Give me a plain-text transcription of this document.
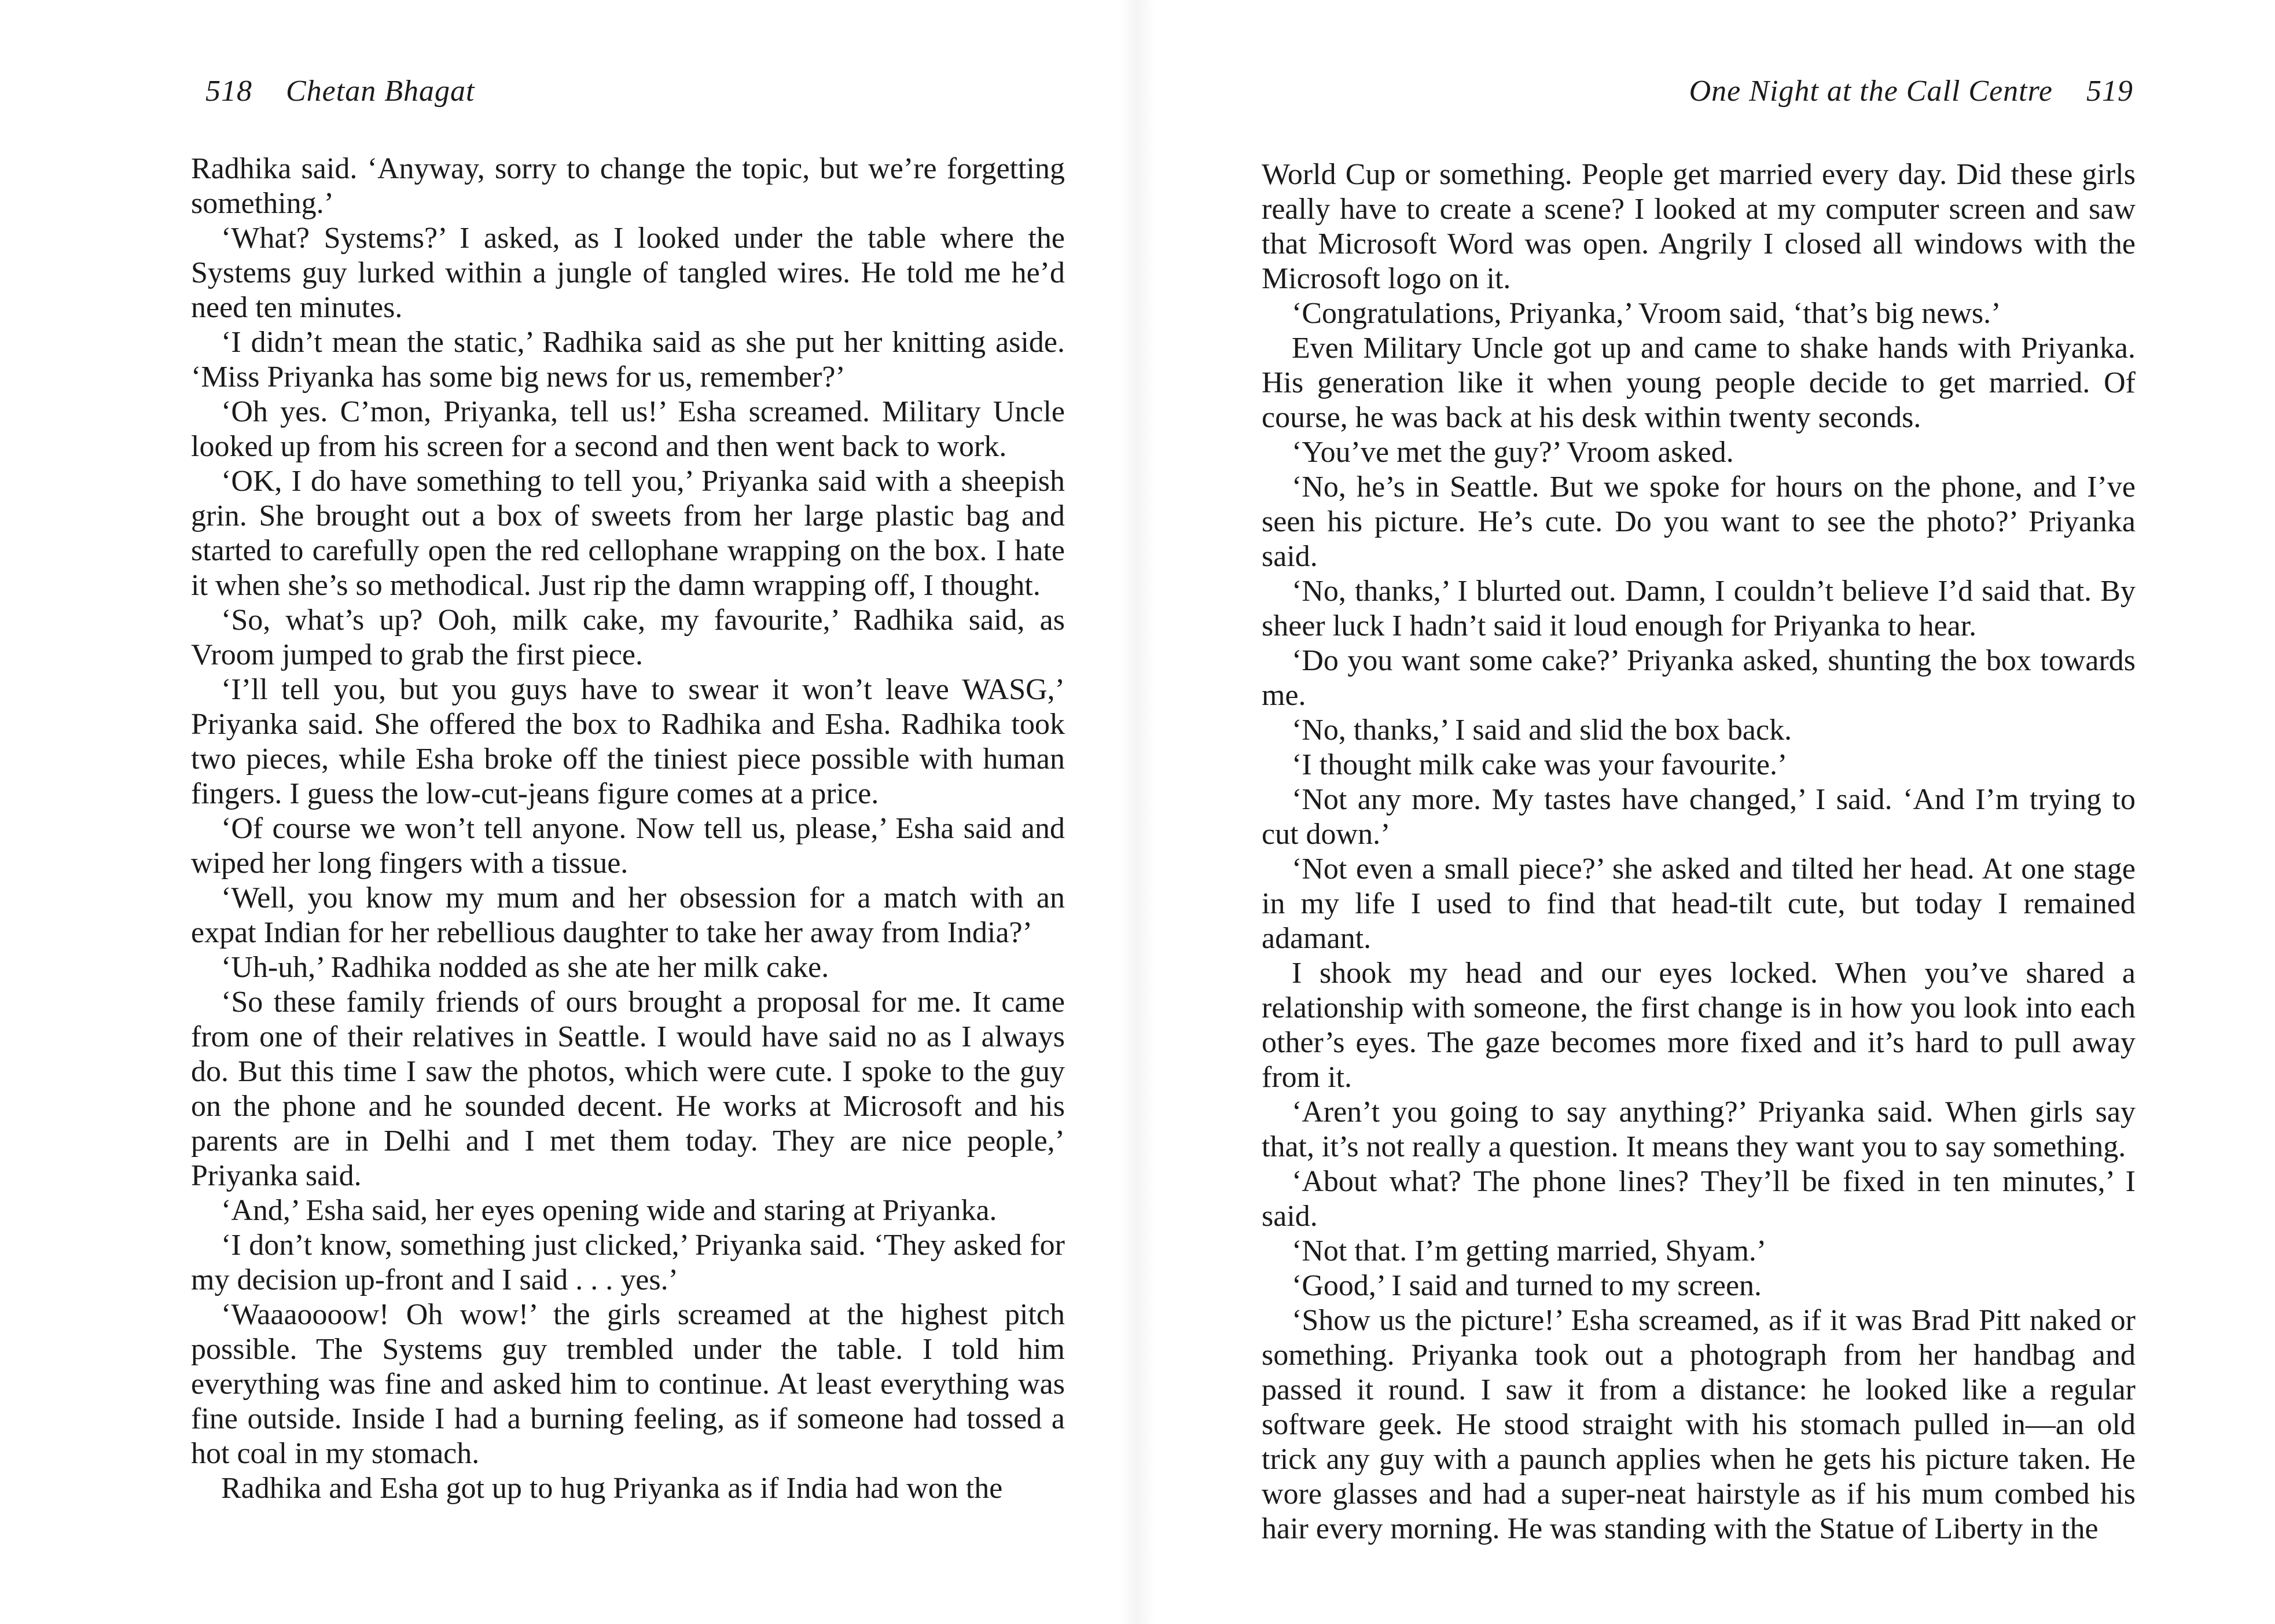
518 Chetan Bhagat

Radhika said. ‘Anyway, sorry to change the topic, but we’re forgetting something.’

‘What? Systems?’ I asked, as I looked under the table where the Systems guy lurked within a jungle of tangled wires. He told me he’d need ten minutes.

‘I didn’t mean the static,’ Radhika said as she put her knitting aside. ‘Miss Priyanka has some big news for us, remember?’

‘Oh yes. C’mon, Priyanka, tell us!’ Esha screamed. Military Uncle looked up from his screen for a second and then went back to work.

‘OK, I do have something to tell you,’ Priyanka said with a sheepish grin. She brought out a box of sweets from her large plastic bag and started to carefully open the red cellophane wrapping on the box. I hate it when she’s so methodical. Just rip the damn wrapping off, I thought.

‘So, what’s up? Ooh, milk cake, my favourite,’ Radhika said, as Vroom jumped to grab the first piece.

‘I’ll tell you, but you guys have to swear it won’t leave WASG,’ Priyanka said. She offered the box to Radhika and Esha. Radhika took two pieces, while Esha broke off the tiniest piece possible with human fingers. I guess the low-cut-jeans figure comes at a price.

‘Of course we won’t tell anyone. Now tell us, please,’ Esha said and wiped her long fingers with a tissue.

‘Well, you know my mum and her obsession for a match with an expat Indian for her rebellious daughter to take her away from India?’

‘Uh-uh,’ Radhika nodded as she ate her milk cake.

‘So these family friends of ours brought a proposal for me. It came from one of their relatives in Seattle. I would have said no as I always do. But this time I saw the photos, which were cute. I spoke to the guy on the phone and he sounded decent. He works at Microsoft and his parents are in Delhi and I met them today. They are nice people,’ Priyanka said.

‘And,’ Esha said, her eyes opening wide and staring at Priyanka.

‘I don’t know, something just clicked,’ Priyanka said. ‘They asked for my decision up-front and I said . . . yes.’

‘Waaaoooow! Oh wow!’ the girls screamed at the highest pitch possible. The Systems guy trembled under the table. I told him everything was fine and asked him to continue. At least everything was fine outside. Inside I had a burning feeling, as if someone had tossed a hot coal in my stomach.

Radhika and Esha got up to hug Priyanka as if India had won the

One Night at the Call Centre 519

World Cup or something. People get married every day. Did these girls really have to create a scene? I looked at my computer screen and saw that Microsoft Word was open. Angrily I closed all windows with the Microsoft logo on it.

‘Congratulations, Priyanka,’ Vroom said, ‘that’s big news.’

Even Military Uncle got up and came to shake hands with Priyanka. His generation like it when young people decide to get married. Of course, he was back at his desk within twenty seconds.

‘You’ve met the guy?’ Vroom asked.

‘No, he’s in Seattle. But we spoke for hours on the phone, and I’ve seen his picture. He’s cute. Do you want to see the photo?’ Priyanka said.

‘No, thanks,’ I blurted out. Damn, I couldn’t believe I’d said that. By sheer luck I hadn’t said it loud enough for Priyanka to hear.

‘Do you want some cake?’ Priyanka asked, shunting the box towards me.

‘No, thanks,’ I said and slid the box back.

‘I thought milk cake was your favourite.’

‘Not any more. My tastes have changed,’ I said. ‘And I’m trying to cut down.’

‘Not even a small piece?’ she asked and tilted her head. At one stage in my life I used to find that head-tilt cute, but today I remained adamant.

I shook my head and our eyes locked. When you’ve shared a relationship with someone, the first change is in how you look into each other’s eyes. The gaze becomes more fixed and it’s hard to pull away from it.

‘Aren’t you going to say anything?’ Priyanka said. When girls say that, it’s not really a question. It means they want you to say something.

‘About what? The phone lines? They’ll be fixed in ten minutes,’ I said.

‘Not that. I’m getting married, Shyam.’

‘Good,’ I said and turned to my screen.

‘Show us the picture!’ Esha screamed, as if it was Brad Pitt naked or something. Priyanka took out a photograph from her handbag and passed it round. I saw it from a distance: he looked like a regular software geek. He stood straight with his stomach pulled in—an old trick any guy with a paunch applies when he gets his picture taken. He wore glasses and had a super-neat hairstyle as if his mum combed his hair every morning. He was standing with the Statue of Liberty in the
